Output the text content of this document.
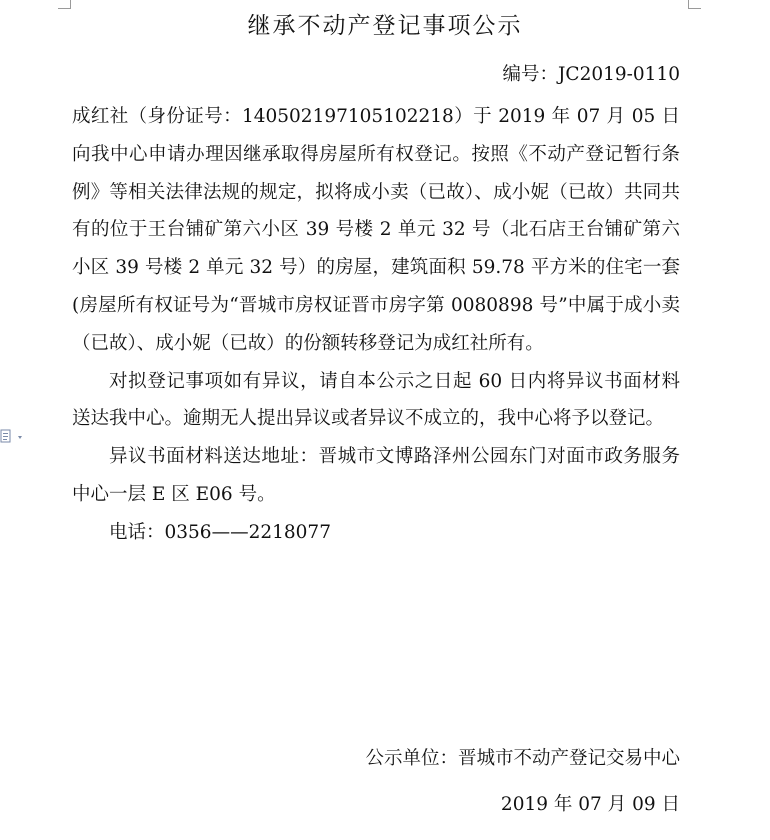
继承不动产登记事项公示
编号：JC2019-0110

成红社（身份证号：140502197105102218）于 2019 年 07 月 05 日向我中心申请办理因继承取得房屋所有权登记。按照《不动产登记暂行条例》等相关法律法规的规定，拟将成小卖（已故）、成小妮（已故）共同共有的位于王台铺矿第六小区 39 号楼 2 单元 32 号（北石店王台铺矿第六小区 39 号楼 2 单元 32 号）的房屋，建筑面积 59.78 平方米的住宅一套(房屋所有权证号为“晋城市房权证晋市房字第 0080898 号”中属于成小卖（已故）、成小妮（已故）的份额转移登记为成红社所有。

对拟登记事项如有异议，请自本公示之日起 60 日内将异议书面材料送达我中心。逾期无人提出异议或者异议不成立的，我中心将予以登记。

异议书面材料送达地址：晋城市文博路泽州公园东门对面市政务服务中心一层 E 区 E06 号。

电话：0356——2218077

公示单位：晋城市不动产登记交易中心
2019 年 07 月 09 日
